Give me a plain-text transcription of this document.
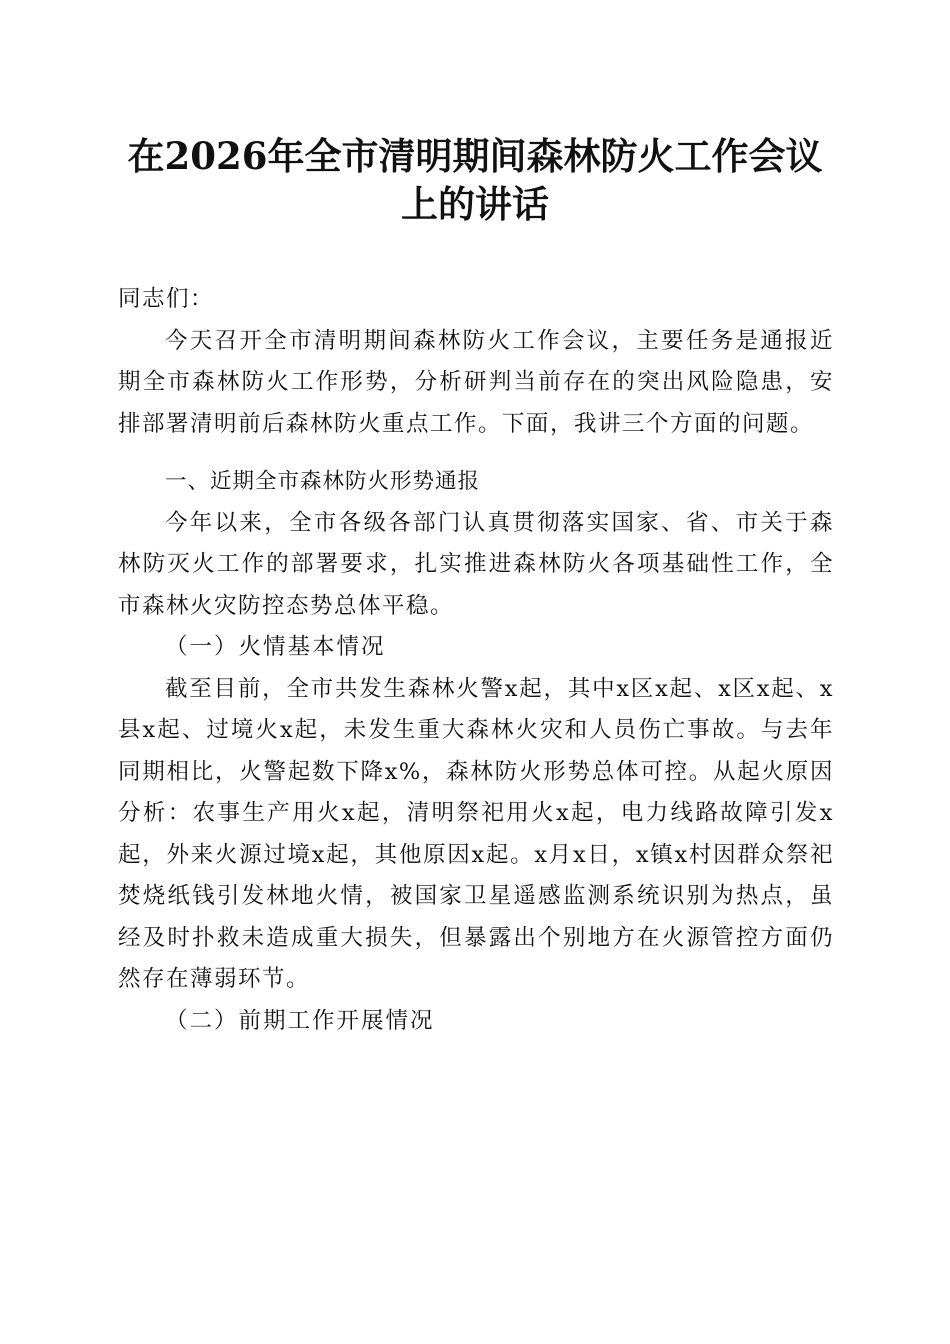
在2026年全市清明期间森林防火工作会议上的讲话

同志们：

今天召开全市清明期间森林防火工作会议，主要任务是通报近期全市森林防火工作形势，分析研判当前存在的突出风险隐患，安排部署清明前后森林防火重点工作。下面，我讲三个方面的问题。

一、近期全市森林防火形势通报

今年以来，全市各级各部门认真贯彻落实国家、省、市关于森林防灭火工作的部署要求，扎实推进森林防火各项基础性工作，全市森林火灾防控态势总体平稳。

（一）火情基本情况

截至目前，全市共发生森林火警x起，其中x区x起、x区x起、x县x起、过境火x起，未发生重大森林火灾和人员伤亡事故。与去年同期相比，火警起数下降x%，森林防火形势总体可控。从起火原因分析：农事生产用火x起，清明祭祀用火x起，电力线路故障引发x起，外来火源过境x起，其他原因x起。x月x日，x镇x村因群众祭祀焚烧纸钱引发林地火情，被国家卫星遥感监测系统识别为热点，虽经及时扑救未造成重大损失，但暴露出个别地方在火源管控方面仍然存在薄弱环节。

（二）前期工作开展情况
